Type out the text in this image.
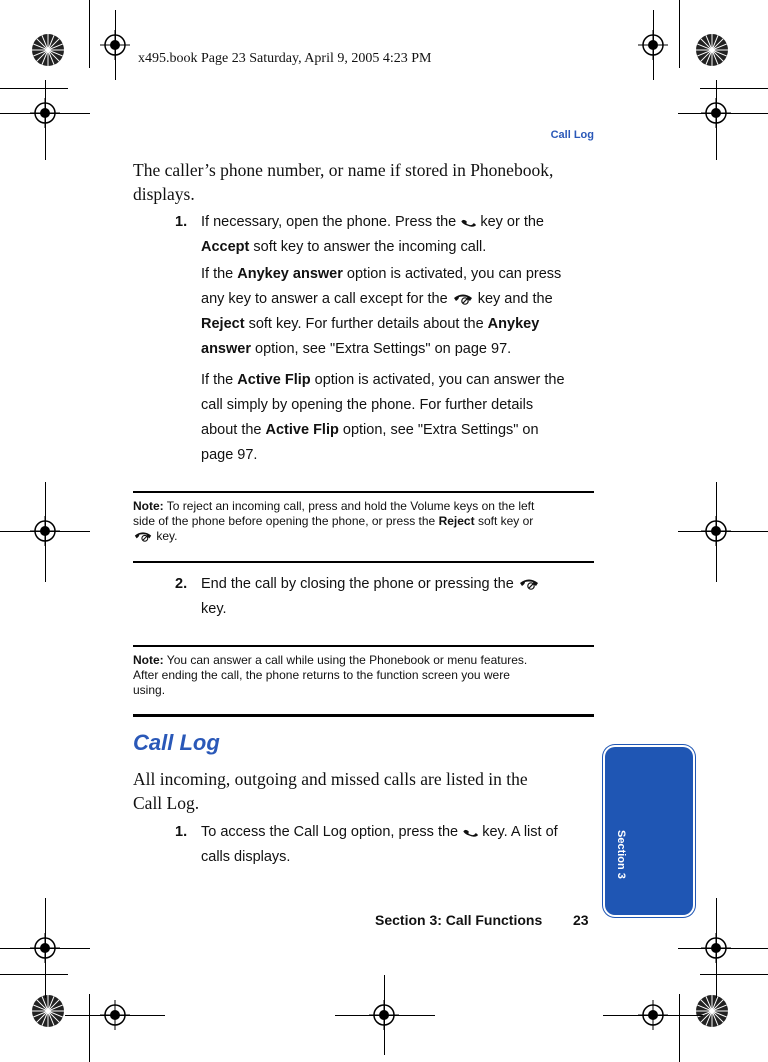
x495.book Page 23 Saturday, April 9, 2005 4:23 PM
Call Log
The caller’s phone number, or name if stored in Phonebook, displays.
1. If necessary, open the phone. Press the key or the
Accept soft key to answer the incoming call.
If the Anykey answer option is activated, you can press
any key to answer a call except for the key and the
Reject soft key. For further details about the Anykey
answer option, see "Extra Settings" on page 97.
If the Active Flip option is activated, you can answer the
call simply by opening the phone. For further details
about the Active Flip option, see "Extra Settings" on
page 97.
Note: To reject an incoming call, press and hold the Volume keys on the left
side of the phone before opening the phone, or press the Reject soft key or
key.
2. End the call by closing the phone or pressing the
key.
Note: You can answer a call while using the Phonebook or menu features.
After ending the call, the phone returns to the function screen you were
using.
Call Log
All incoming, outgoing and missed calls are listed in the
Call Log.
1. To access the Call Log option, press the key. A list of
calls displays.	Section 3
Section 3: Call Functions 23
